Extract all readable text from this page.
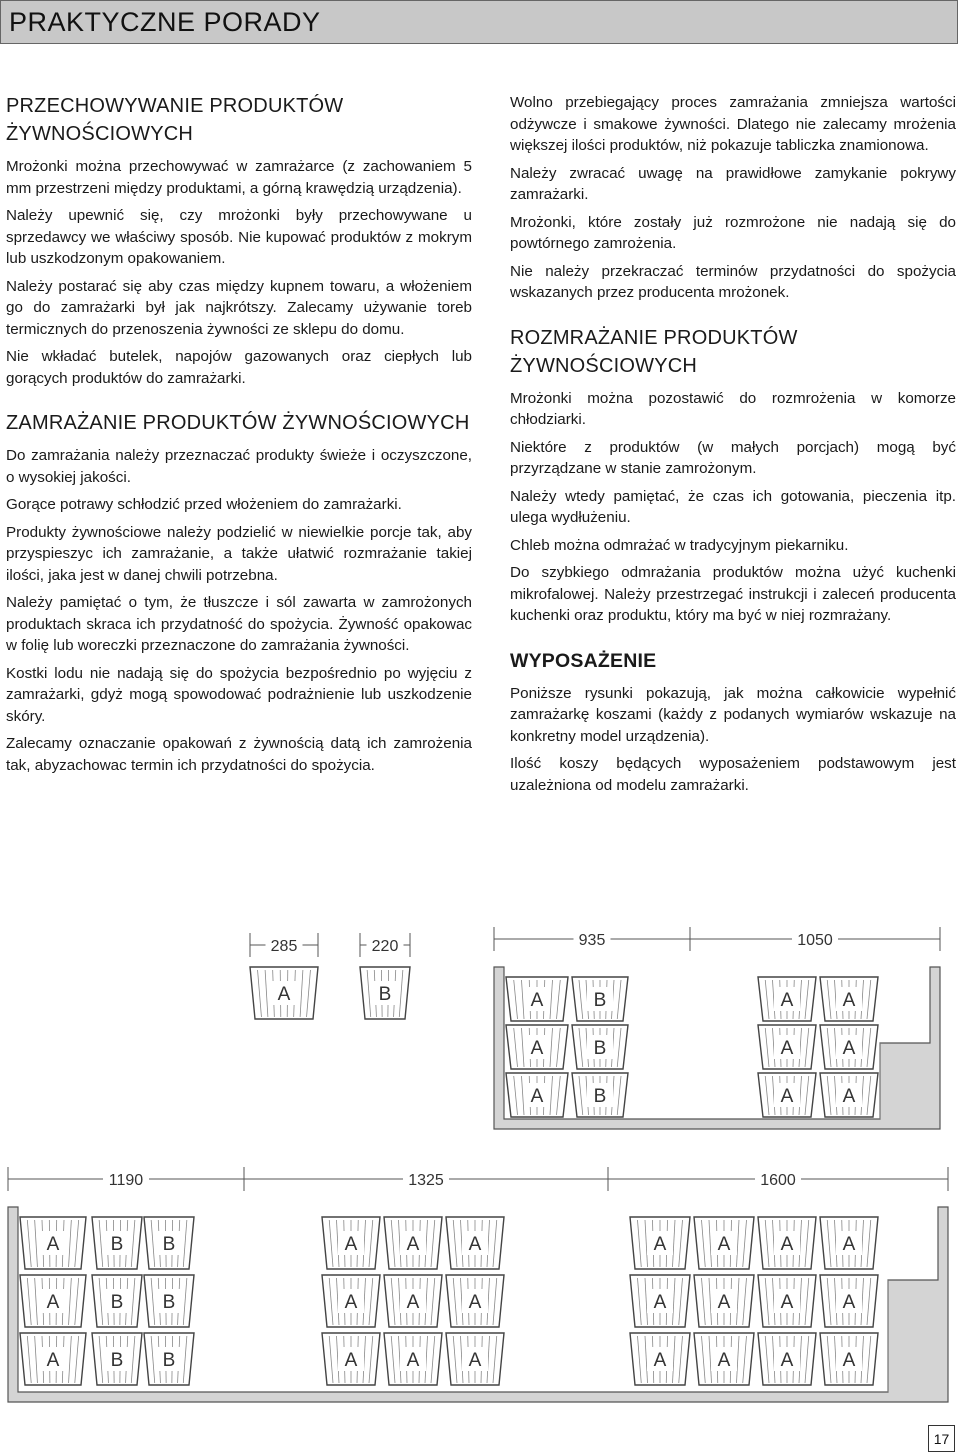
PRAKTYCZNE PORADY
PRZECHOWYWANIE PRODUKTÓW ŻYWNOŚCIOWYCH

Mrożonki można przechowywać w zamrażarce (z zachowaniem 5 mm przestrzeni między produktami, a górną krawędzią urządzenia).

Należy upewnić się, czy mrożonki były przechowywane u sprzedawcy we właściwy sposób. Nie kupować produktów z mokrym lub uszkodzonym opakowaniem.

Należy postarać się aby czas między kupnem towaru, a włożeniem go do zamrażarki był jak najkrótszy. Zalecamy używanie toreb termicznych do przenoszenia żywności ze sklepu do domu.

Nie wkładać butelek, napojów gazowanych oraz ciepłych lub gorących produktów do zamrażarki.

ZAMRAŻANIE PRODUKTÓW ŻYWNOŚCIOWYCH

Do zamrażania należy przeznaczać produkty świeże i oczyszczone, o wysokiej jakości.

Gorące potrawy schłodzić przed włożeniem do zamrażarki.

Produkty żywnościowe należy podzielić w niewielkie porcje tak, aby przyspieszyc ich zamrażanie, a także ułatwić rozmrażanie takiej ilości, jaka jest w danej chwili potrzebna.

Należy pamiętać o tym, że tłuszcze i sól zawarta w zamrożonych produktach skraca ich przydatność do spożycia. Żywność opakowac w folię lub woreczki przeznaczone do zamrażania żywności.

Kostki lodu nie nadają się do spożycia bezpośrednio po wyjęciu z zamrażarki, gdyż mogą spowodować podrażnienie lub uszkodzenie skóry.

Zalecamy oznaczanie opakowań z żywnością datą ich zamrożenia tak, abyzachowac termin ich przydatności do spożycia.

Wolno przebiegający proces zamrażania zmniejsza wartości odżywcze i smakowe żywności. Dlatego nie zalecamy mrożenia większej ilości produktów, niż pokazuje tabliczka znamionowa.

Należy zwracać uwagę na prawidłowe zamykanie pokrywy zamrażarki.

Mrożonki, które zostały już rozmrożone nie nadają się do powtórnego zamrożenia.

Nie należy przekraczać terminów przydatności do spożycia wskazanych przez producenta mrożonek.

ROZMRAŻANIE PRODUKTÓW ŻYWNOŚCIOWYCH

Mrożonki można pozostawić do rozmrożenia w komorze chłodziarki.

Niektóre z produktów (w małych porcjach) mogą być przyrządzane w stanie zamrożonym.

Należy wtedy pamiętać, że czas ich gotowania, pieczenia itp. ulega wydłużeniu.

Chleb można odmrażać w tradycyjnym piekarniku.

Do szybkiego odmrażania produktów można użyć kuchenki mikrofalowej. Należy przestrzegać instrukcji i zaleceń producenta kuchenki oraz produktu, który ma być w niej rozmrażany.

WYPOSAŻENIE

Poniższe rysunki pokazują, jak można całkowicie wypełnić zamrażarkę koszami (każdy z podanych wymiarów wskazuje na konkretny model urządzenia).

Ilość koszy będących wyposażeniem podstawowym jest uzależniona od modelu zamrażarki.

285
A
220
B
935	1050
A	B	A	A
A	B	A	A
A	B	A	A
1190	1325	1600
A	B B	A	A	A	A	A	A	A
A	B B	A	A	A	A	A	A	A
A	B B	A	A	A	A	A	A	A
17
